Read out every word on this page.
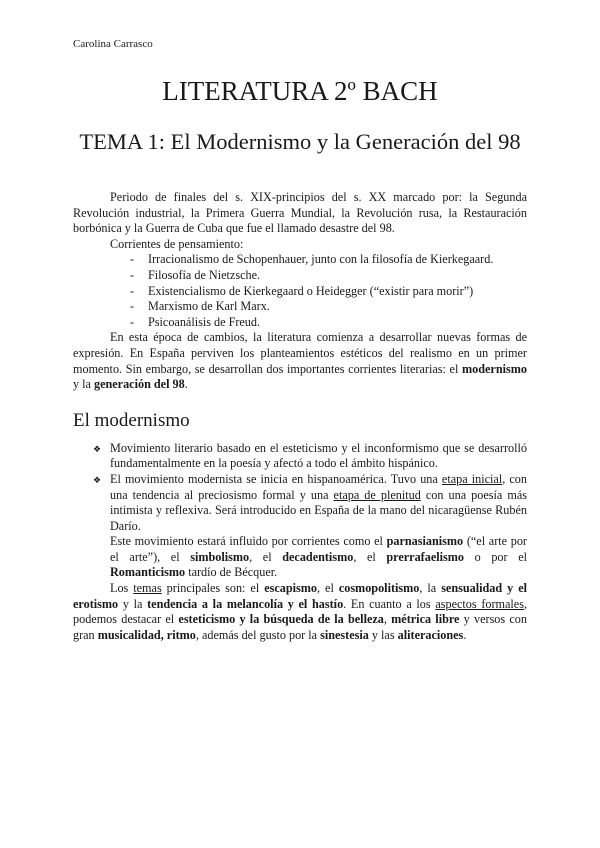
Carolina Carrasco
LITERATURA 2º BACH
TEMA 1: El Modernismo y la Generación del 98

Periodo de finales del s. XIX-principios del s. XX marcado por: la Segunda Revolución industrial, la Primera Guerra Mundial, la Revolución rusa, la Restauración borbónica y la Guerra de Cuba que fue el llamado desastre del 98.

Corrientes de pensamiento:

- Irracionalismo de Schopenhauer, junto con la filosofía de Kierkegaard.
- Filosofía de Nietzsche.
- Existencialismo de Kierkegaard o Heidegger (“existir para morir”)
- Marxismo de Karl Marx.
- Psicoanálisis de Freud.

En esta época de cambios, la literatura comienza a desarrollar nuevas formas de expresión. En España perviven los planteamientos estéticos del realismo en un primer momento. Sin embargo, se desarrollan dos importantes corrientes literarias: el modernismo y la generación del 98.

El modernismo
❖ Movimiento literario basado en el esteticismo y el inconformismo que se desarrolló fundamentalmente en la poesía y afectó a todo el ámbito hispánico.
❖ El movimiento modernista se inicia en hispanoamérica. Tuvo una etapa inicial, con una tendencia al preciosismo formal y una etapa de plenitud con una poesía más intimista y reflexiva. Será introducido en España de la mano del nicaragüense Rubén Darío.

Este movimiento estará influido por corrientes como el parnasianismo (“el arte por el arte”), el simbolismo, el decadentismo, el prerrafaelismo o por el Romanticismo tardío de Bécquer.

Los temas principales son: el escapismo, el cosmopolitismo, la sensualidad y el erotismo y la tendencia a la melancolía y el hastío. En cuanto a los aspectos formales, podemos destacar el esteticismo y la búsqueda de la belleza, métrica libre y versos con gran musicalidad, ritmo, además del gusto por la sinestesia y las aliteraciones.
